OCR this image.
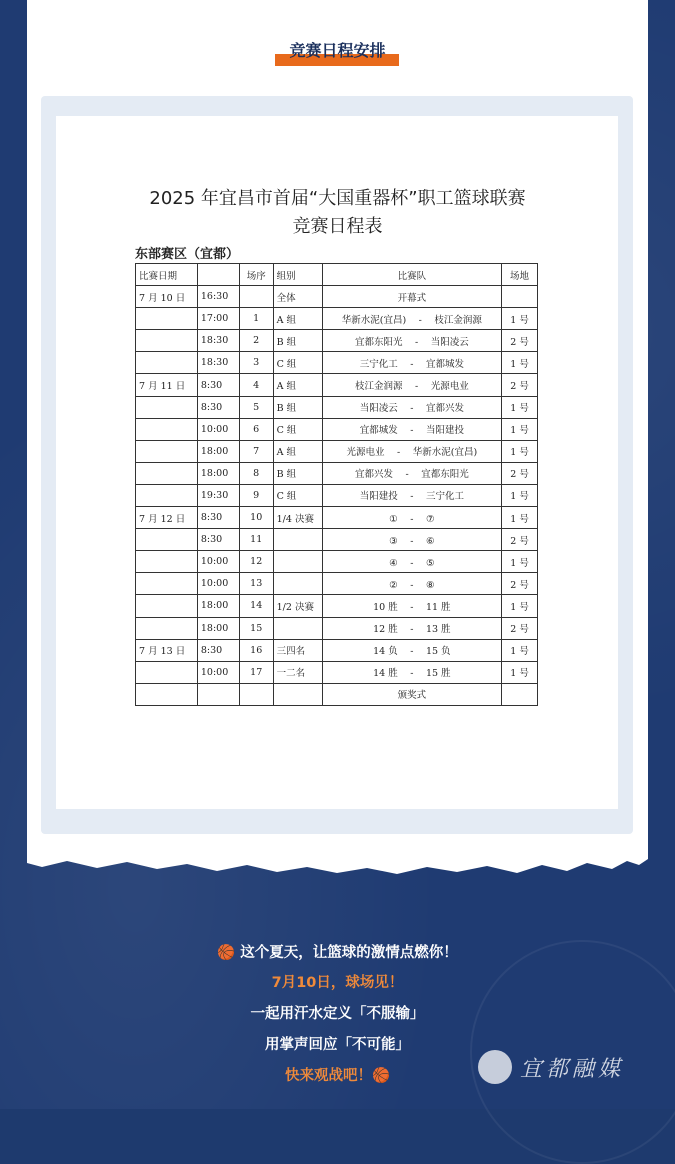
竞赛日程安排
2025 年宜昌市首届“大国重器杯”职工篮球联赛
竞赛日程表
东部赛区（宜都）
比赛日期		场序	组别	比赛队	场地
7 月 10 日	16:30		全体	开幕式	
	17:00	1	A 组	华新水泥(宜昌)　 -　 枝江金润源	1 号
	18:30	2	B 组	宜都东阳光　 -　 当阳凌云	2 号
	18:30	3	C 组	三宁化工　 -　 宜都城发	1 号
7 月 11 日	8:30	4	A 组	枝江金润源　 -　 光源电业	2 号
	8:30	5	B 组	当阳凌云　 -　 宜都兴发	1 号
	10:00	6	C 组	宜都城发　 -　 当阳建投	1 号
	18:00	7	A 组	光源电业　 -　 华新水泥(宜昌)	1 号
	18:00	8	B 组	宜都兴发　 -　 宜都东阳光	2 号
	19:30	9	C 组	当阳建投　 -　 三宁化工	1 号
7 月 12 日	8:30	10	1/4 决赛	①　 -　 ⑦	1 号
	8:30	11		③　 -　 ⑥	2 号
	10:00	12		④　 -　 ⑤	1 号
	10:00	13		②　 -　 ⑧	2 号
	18:00	14	1/2 决赛	10 胜　 -　 11 胜	1 号
	18:00	15		12 胜　 -　 13 胜	2 号
7 月 13 日	8:30	16	三四名	14 负　 -　 15 负	1 号
	10:00	17	一二名	14 胜　 -　 15 胜	1 号
				颁奖式	
🏀 这个夏天，让篮球的激情点燃你！
7月10日，球场见！
一起用汗水定义「不服输」
用掌声回应「不可能」
快来观战吧！🏀	宜都融媒
